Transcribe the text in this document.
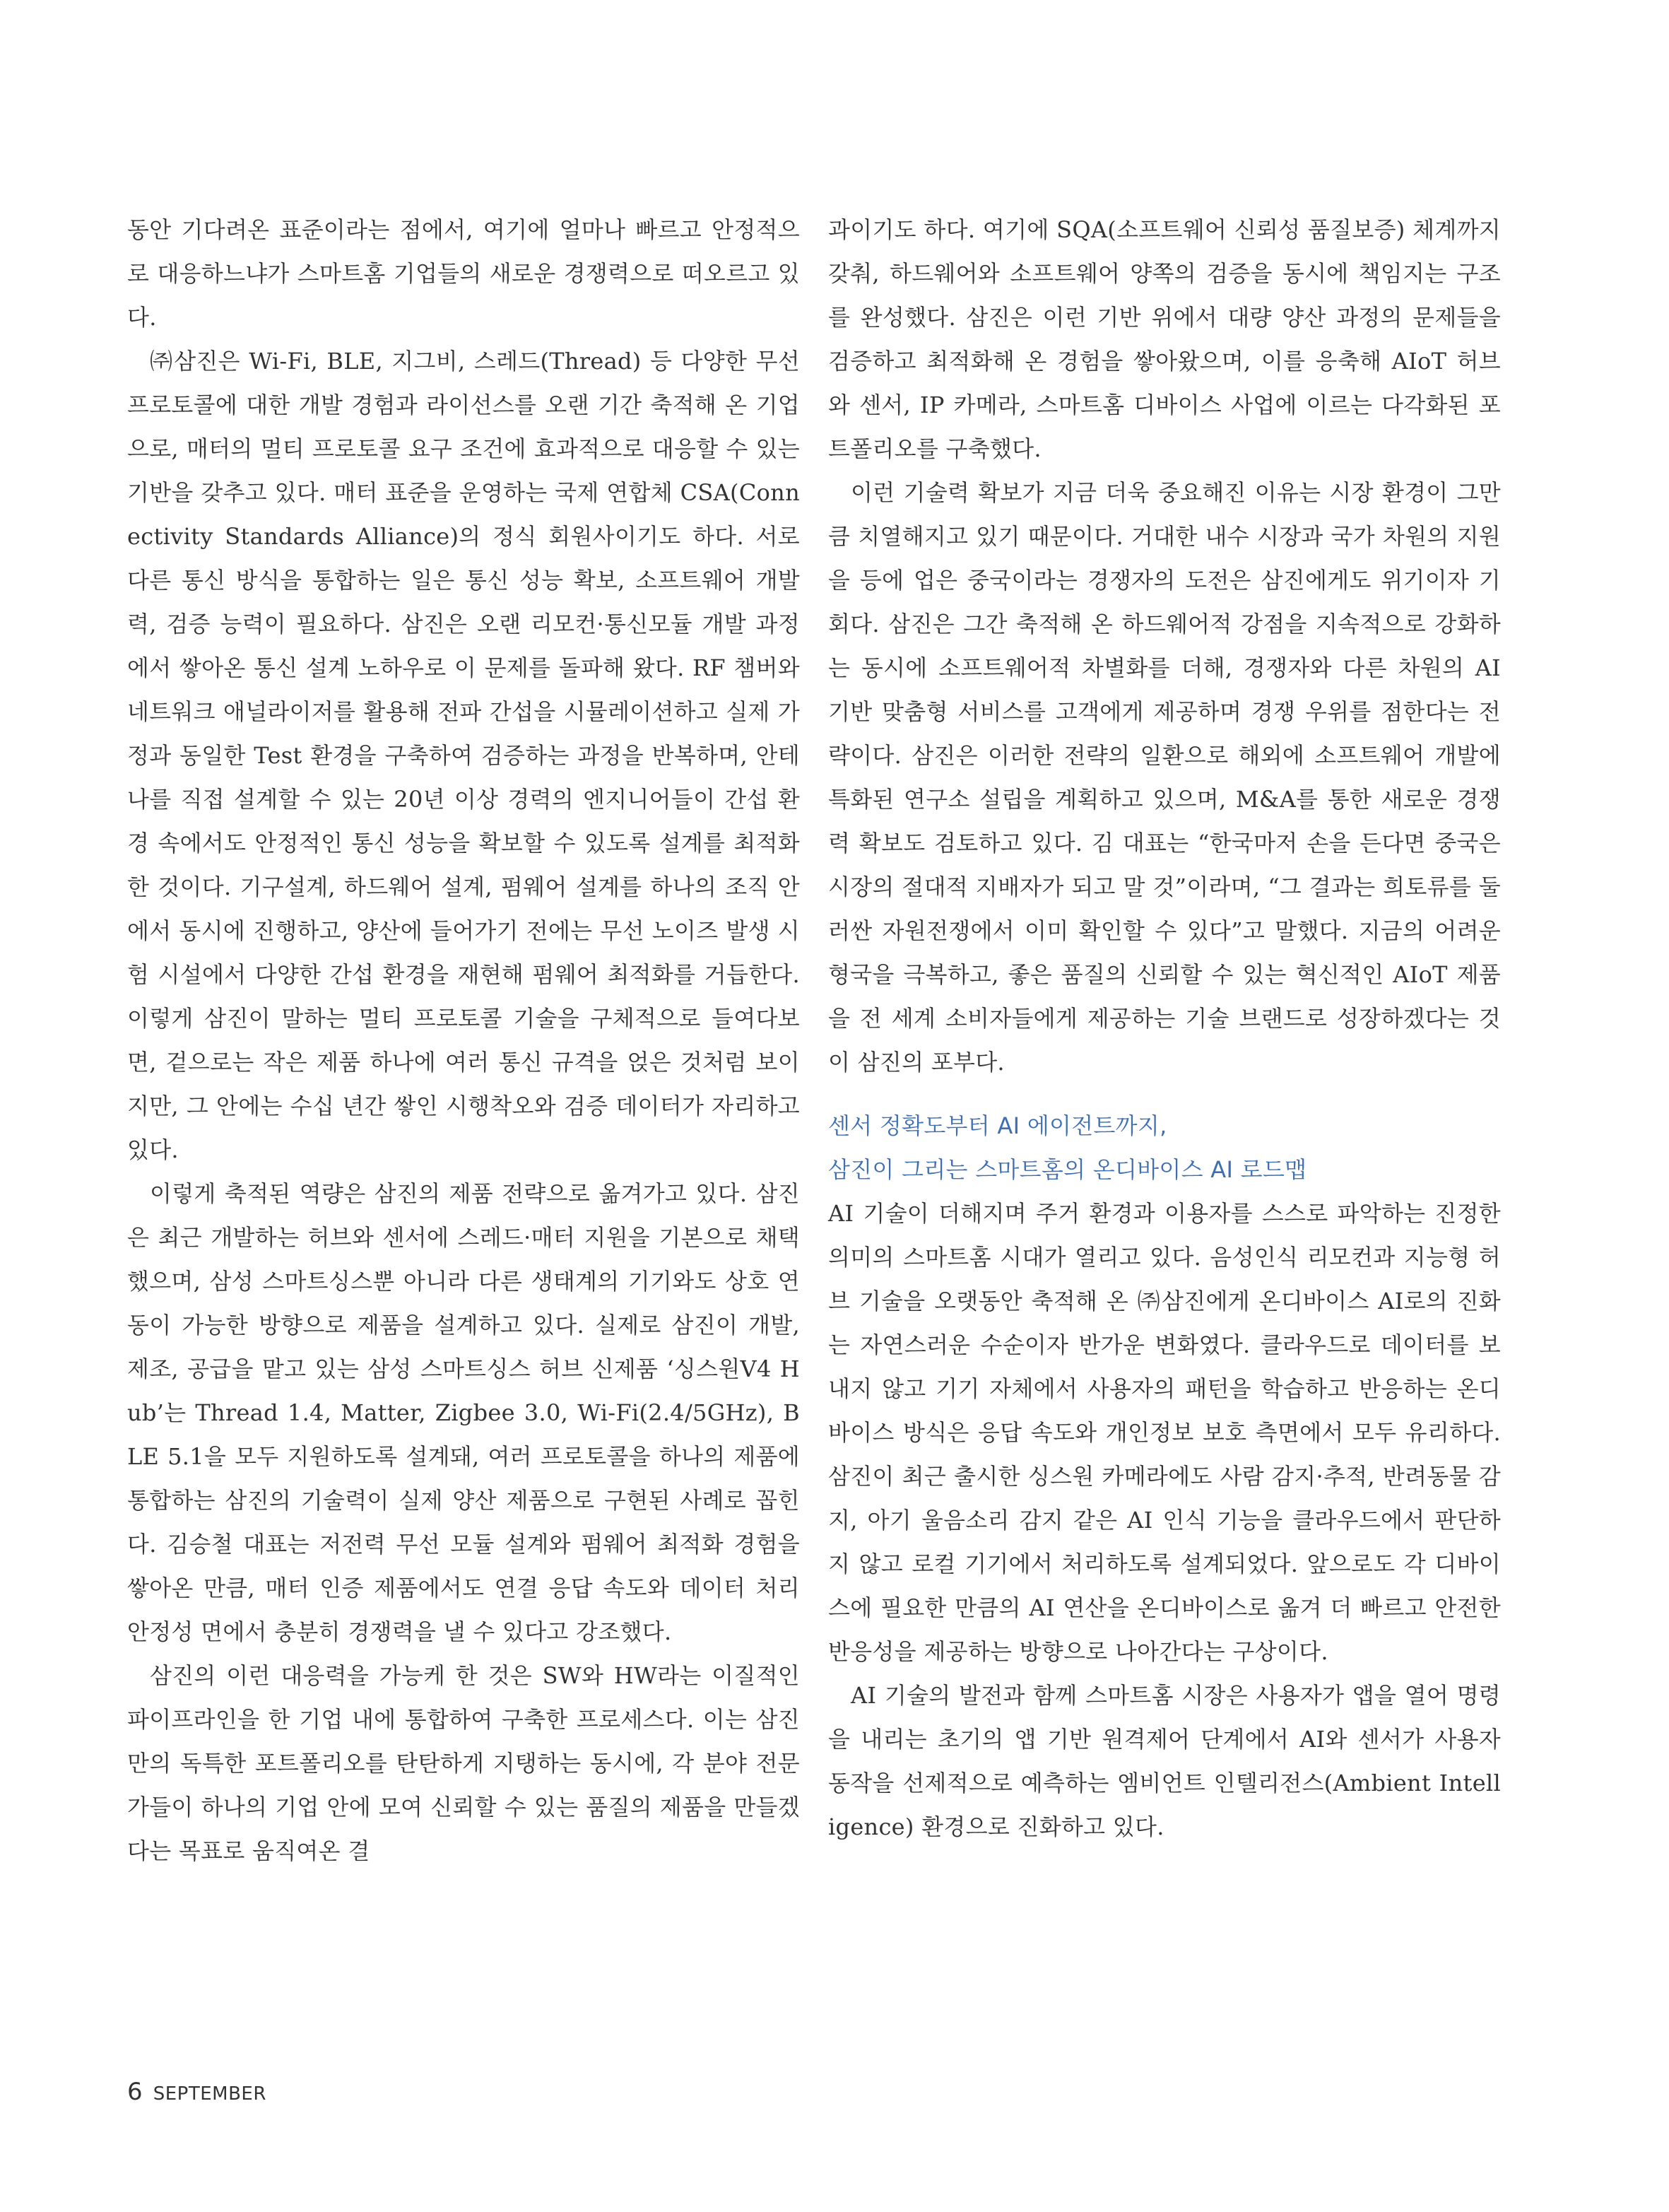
동안 기다려온 표준이라는 점에서, 여기에 얼마나 빠르고 안정적으로 대응하느냐가 스마트홈 기업들의 새로운 경쟁력으로 떠오르고 있다.

㈜삼진은 Wi-Fi, BLE, 지그비, 스레드(Thread) 등 다양한 무선 프로토콜에 대한 개발 경험과 라이선스를 오랜 기간 축적해 온 기업으로, 매터의 멀티 프로토콜 요구 조건에 효과적으로 대응할 수 있는 기반을 갖추고 있다. 매터 표준을 운영하는 국제 연합체 CSA(Connectivity Standards Alliance)의 정식 회원사이기도 하다. 서로 다른 통신 방식을 통합하는 일은 통신 성능 확보, 소프트웨어 개발력, 검증 능력이 필요하다. 삼진은 오랜 리모컨·통신모듈 개발 과정에서 쌓아온 통신 설계 노하우로 이 문제를 돌파해 왔다. RF 챔버와 네트워크 애널라이저를 활용해 전파 간섭을 시뮬레이션하고 실제 가정과 동일한 Test 환경을 구축하여 검증하는 과정을 반복하며, 안테나를 직접 설계할 수 있는 20년 이상 경력의 엔지니어들이 간섭 환경 속에서도 안정적인 통신 성능을 확보할 수 있도록 설계를 최적화한 것이다. 기구설계, 하드웨어 설계, 펌웨어 설계를 하나의 조직 안에서 동시에 진행하고, 양산에 들어가기 전에는 무선 노이즈 발생 시험 시설에서 다양한 간섭 환경을 재현해 펌웨어 최적화를 거듭한다. 이렇게 삼진이 말하는 멀티 프로토콜 기술을 구체적으로 들여다보면, 겉으로는 작은 제품 하나에 여러 통신 규격을 얹은 것처럼 보이지만, 그 안에는 수십 년간 쌓인 시행착오와 검증 데이터가 자리하고 있다.

이렇게 축적된 역량은 삼진의 제품 전략으로 옮겨가고 있다. 삼진은 최근 개발하는 허브와 센서에 스레드·매터 지원을 기본으로 채택했으며, 삼성 스마트싱스뿐 아니라 다른 생태계의 기기와도 상호 연동이 가능한 방향으로 제품을 설계하고 있다. 실제로 삼진이 개발, 제조, 공급을 맡고 있는 삼성 스마트싱스 허브 신제품 ‘싱스원V4 Hub’는 Thread 1.4, Matter, Zigbee 3.0, Wi-Fi(2.4/5GHz), BLE 5.1을 모두 지원하도록 설계돼, 여러 프로토콜을 하나의 제품에 통합하는 삼진의 기술력이 실제 양산 제품으로 구현된 사례로 꼽힌다. 김승철 대표는 저전력 무선 모듈 설계와 펌웨어 최적화 경험을 쌓아온 만큼, 매터 인증 제품에서도 연결 응답 속도와 데이터 처리 안정성 면에서 충분히 경쟁력을 낼 수 있다고 강조했다.

삼진의 이런 대응력을 가능케 한 것은 SW와 HW라는 이질적인 파이프라인을 한 기업 내에 통합하여 구축한 프로세스다. 이는 삼진만의 독특한 포트폴리오를 탄탄하게 지탱하는 동시에, 각 분야 전문가들이 하나의 기업 안에 모여 신뢰할 수 있는 품질의 제품을 만들겠다는 목표로 움직여온 결

과이기도 하다. 여기에 SQA(소프트웨어 신뢰성 품질보증) 체계까지 갖춰, 하드웨어와 소프트웨어 양쪽의 검증을 동시에 책임지는 구조를 완성했다. 삼진은 이런 기반 위에서 대량 양산 과정의 문제들을 검증하고 최적화해 온 경험을 쌓아왔으며, 이를 응축해 AIoT 허브와 센서, IP 카메라, 스마트홈 디바이스 사업에 이르는 다각화된 포트폴리오를 구축했다.

이런 기술력 확보가 지금 더욱 중요해진 이유는 시장 환경이 그만큼 치열해지고 있기 때문이다. 거대한 내수 시장과 국가 차원의 지원을 등에 업은 중국이라는 경쟁자의 도전은 삼진에게도 위기이자 기회다. 삼진은 그간 축적해 온 하드웨어적 강점을 지속적으로 강화하는 동시에 소프트웨어적 차별화를 더해, 경쟁자와 다른 차원의 AI 기반 맞춤형 서비스를 고객에게 제공하며 경쟁 우위를 점한다는 전략이다. 삼진은 이러한 전략의 일환으로 해외에 소프트웨어 개발에 특화된 연구소 설립을 계획하고 있으며, M&A를 통한 새로운 경쟁력 확보도 검토하고 있다. 김 대표는 “한국마저 손을 든다면 중국은 시장의 절대적 지배자가 되고 말 것”이라며, “그 결과는 희토류를 둘러싼 자원전쟁에서 이미 확인할 수 있다”고 말했다. 지금의 어려운 형국을 극복하고, 좋은 품질의 신뢰할 수 있는 혁신적인 AIoT 제품을 전 세계 소비자들에게 제공하는 기술 브랜드로 성장하겠다는 것이 삼진의 포부다.

센서 정확도부터 AI 에이전트까지,

삼진이 그리는 스마트홈의 온디바이스 AI 로드맵

AI 기술이 더해지며 주거 환경과 이용자를 스스로 파악하는 진정한 의미의 스마트홈 시대가 열리고 있다. 음성인식 리모컨과 지능형 허브 기술을 오랫동안 축적해 온 ㈜삼진에게 온디바이스 AI로의 진화는 자연스러운 수순이자 반가운 변화였다. 클라우드로 데이터를 보내지 않고 기기 자체에서 사용자의 패턴을 학습하고 반응하는 온디바이스 방식은 응답 속도와 개인정보 보호 측면에서 모두 유리하다. 삼진이 최근 출시한 싱스원 카메라에도 사람 감지·추적, 반려동물 감지, 아기 울음소리 감지 같은 AI 인식 기능을 클라우드에서 판단하지 않고 로컬 기기에서 처리하도록 설계되었다. 앞으로도 각 디바이스에 필요한 만큼의 AI 연산을 온디바이스로 옮겨 더 빠르고 안전한 반응성을 제공하는 방향으로 나아간다는 구상이다.

AI 기술의 발전과 함께 스마트홈 시장은 사용자가 앱을 열어 명령을 내리는 초기의 앱 기반 원격제어 단계에서 AI와 센서가 사용자 동작을 선제적으로 예측하는 엠비언트 인텔리전스(Ambient Intelligence) 환경으로 진화하고 있다.

6 SEPTEMBER
